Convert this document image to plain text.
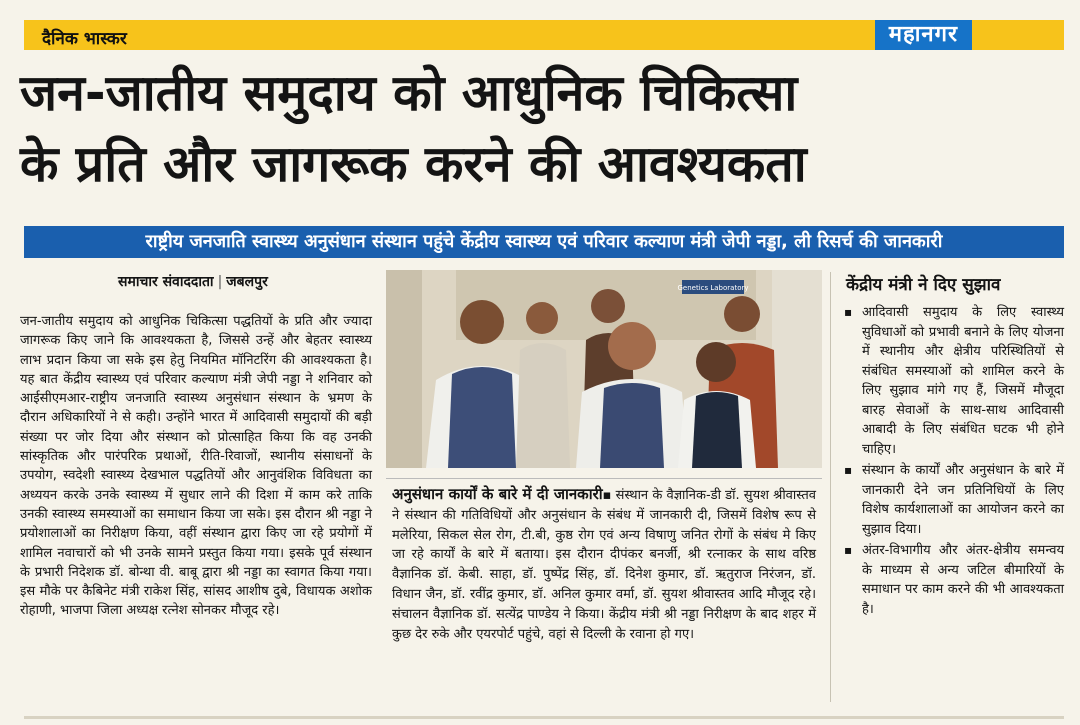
दैनिक भास्कर	महानगर
जन-जातीय समुदाय को आधुनिक चिकित्सा
के प्रति और जागरूक करने की आवश्यकता
राष्ट्रीय जनजाति स्वास्थ्य अनुसंधान संस्थान पहुंचे केंद्रीय स्वास्थ्य एवं परिवार कल्याण मंत्री जेपी नड्डा, ली रिसर्च की जानकारी
समाचार संवाददाता | जबलपुर

जन-जातीय समुदाय को आधुनिक चिकित्सा पद्धतियों के प्रति और ज्यादा जागरूक किए जाने कि आवश्यकता है, जिससे उन्हें और बेहतर स्वास्थ्य लाभ प्रदान किया जा सके इस हेतु नियमित मॉनिटरिंग की आवश्यकता है। यह बात केंद्रीय स्वास्थ्य एवं परिवार कल्याण मंत्री जेपी नड्डा ने शनिवार को आईसीएमआर-राष्ट्रीय जनजाति स्वास्थ्य अनुसंधान संस्थान के भ्रमण के दौरान अधिकारियों ने से कही। उन्होंने भारत में आदिवासी समुदायों की बड़ी संख्या पर जोर दिया और संस्थान को प्रोत्साहित किया कि वह उनकी सांस्कृतिक और पारंपरिक प्रथाओं, रीति-रिवाजों, स्थानीय संसाधनों के उपयोग, स्वदेशी स्वास्थ्य देखभाल पद्धतियों और आनुवंशिक विविधता का अध्ययन करके उनके स्वास्थ्य में सुधार लाने की दिशा में काम करे ताकि उनकी स्वास्थ्य समस्याओं का समाधान किया जा सके। इस दौरान श्री नड्डा ने प्रयोशालाओं का निरीक्षण किया, वहीं संस्थान द्वारा किए जा रहे प्रयोगों में शामिल नवाचारों को भी उनके सामने प्रस्तुत किया गया। इसके पूर्व संस्थान के प्रभारी निदेशक डॉ. बोन्था वी. बाबू द्वारा श्री नड्डा का स्वागत किया गया। इस मौके पर कैबिनेट मंत्री राकेश सिंह, सांसद आशीष दुबे, विधायक अशोक रोहाणी, भाजपा जिला अध्यक्ष रत्नेश सोनकर मौजूद रहे।

Genetics Laboratory

अनुसंधान कार्यों के बारे में दी जानकारी▪ संस्थान के वैज्ञानिक-डी डॉ. सुयश श्रीवास्तव ने संस्थान की गतिविधियों और अनुसंधान के संबंध में जानकारी दी, जिसमें विशेष रूप से मलेरिया, सिकल सेल रोग, टी.बी, कुष्ठ रोग एवं अन्य विषाणु जनित रोगों के संबंध मे किए जा रहे कार्यों के बारे में बताया। इस दौरान दीपंकर बनर्जी, श्री रत्नाकर के साथ वरिष्ठ वैज्ञानिक डॉ. केबी. साहा, डॉ. पुष्पेंद्र सिंह, डॉ. दिनेश कुमार, डॉ. ऋतुराज निरंजन, डॉ. विधान जैन, डॉ. रवींद्र कुमार, डॉ. अनिल कुमार वर्मा, डॉ. सुयश श्रीवास्तव आदि मौजूद रहे। संचालन वैज्ञानिक डॉ. सत्येंद्र पाण्डेय ने किया। केंद्रीय मंत्री श्री नड्डा निरीक्षण के बाद शहर में कुछ देर रुके और एयरपोर्ट पहुंचे, वहां से दिल्ली के रवाना हो गए।

केंद्रीय मंत्री ने दिए सुझाव
▪ आदिवासी समुदाय के लिए स्वास्थ्य सुविधाओं को प्रभावी बनाने के लिए योजना में स्थानीय और क्षेत्रीय परिस्थितियों से संबंधित समस्याओं को शामिल करने के लिए सुझाव मांगे गए हैं, जिसमें मौजूदा बारह सेवाओं के साथ-साथ आदिवासी आबादी के लिए संबंधित घटक भी होने चाहिए।
▪ संस्थान के कार्यों और अनुसंधान के बारे में जानकारी देने जन प्रतिनिधियों के लिए विशेष कार्यशालाओं का आयोजन करने का सुझाव दिया।
▪ अंतर-विभागीय और अंतर-क्षेत्रीय समन्वय के माध्यम से अन्य जटिल बीमारियों के समाधान पर काम करने की भी आवश्यकता है।
